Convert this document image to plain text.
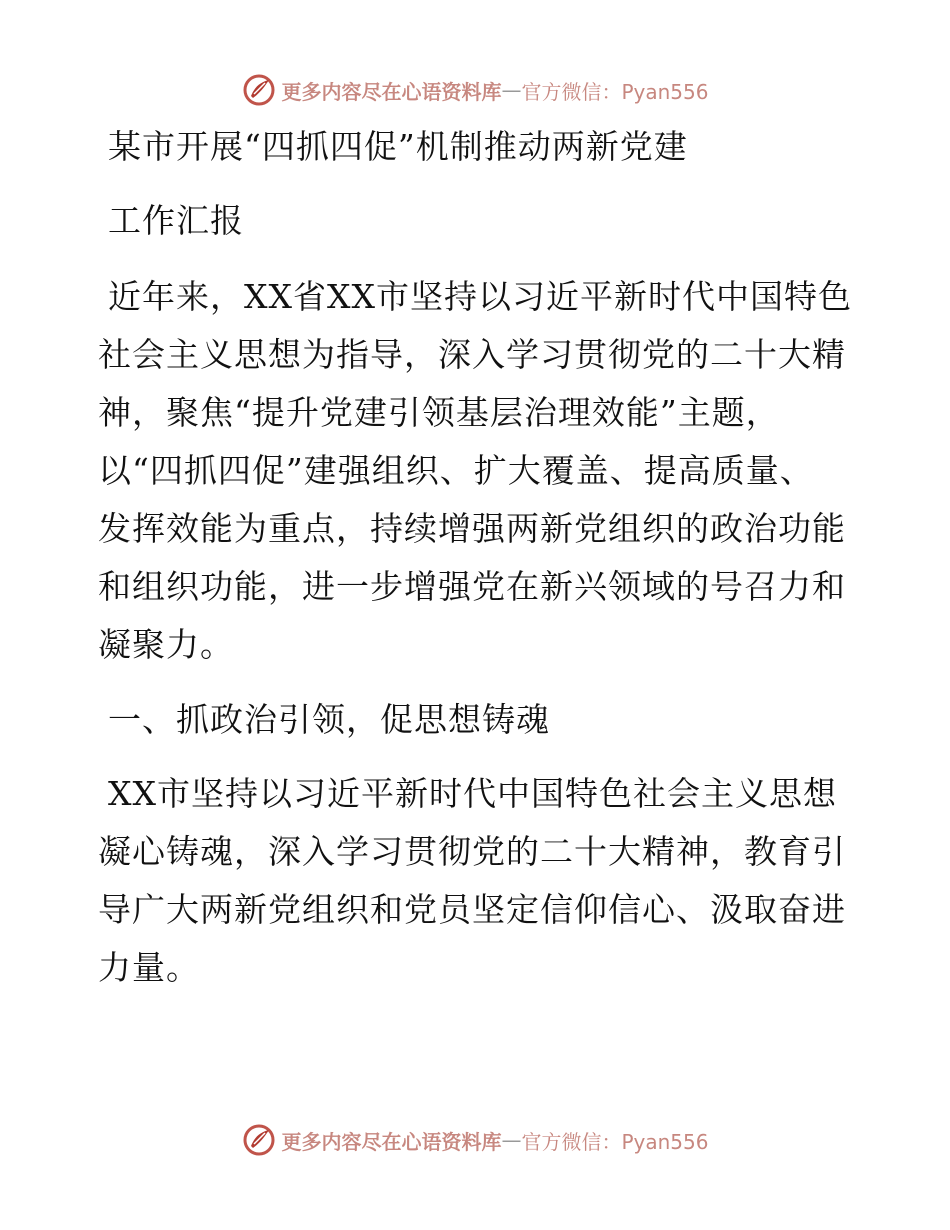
更多内容尽在心语资料库 — 官方微信：Pyan556
某市开展“四抓四促”机制推动两新党建
工作汇报
近年来，XX省XX市坚持以习近平新时代中国特色
社会主义思想为指导，深入学习贯彻党的二十大精
神，聚焦“提升党建引领基层治理效能”主题，
以“四抓四促”建强组织、扩大覆盖、提高质量、
发挥效能为重点，持续增强两新党组织的政治功能
和组织功能，进一步增强党在新兴领域的号召力和
凝聚力。
一、抓政治引领，促思想铸魂
XX市坚持以习近平新时代中国特色社会主义思想
凝心铸魂，深入学习贯彻党的二十大精神，教育引
导广大两新党组织和党员坚定信仰信心、汲取奋进
力量。
更多内容尽在心语资料库 — 官方微信：Pyan556
